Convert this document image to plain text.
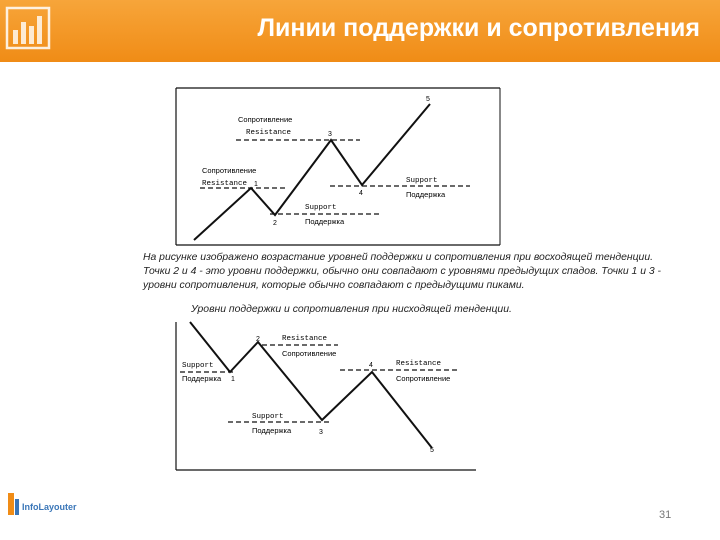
Линии поддержки и сопротивления
Сопротивление
Resistance
Сопротивление
Resistance	Support
Поддержка
Support
Поддержка
1
2
3
4
5
Resistance
Сопротивление
Resistance
Сопротивление
Support
Поддержка
Support
Поддержка
1
2
3
4
5
На рисунке изображено возрастание уровней поддержки и сопротивления при восходящей тенденции. Точки 2 и 4 - это уровни поддержки, обычно они совпадают с уровнями предыдущих спадов. Точки 1 и 3 - уровни сопротивления, которые обычно совпадают с предыдущими пиками.
Уровни поддержки и сопротивления при нисходящей тенденции.
InfoLayouter
31
